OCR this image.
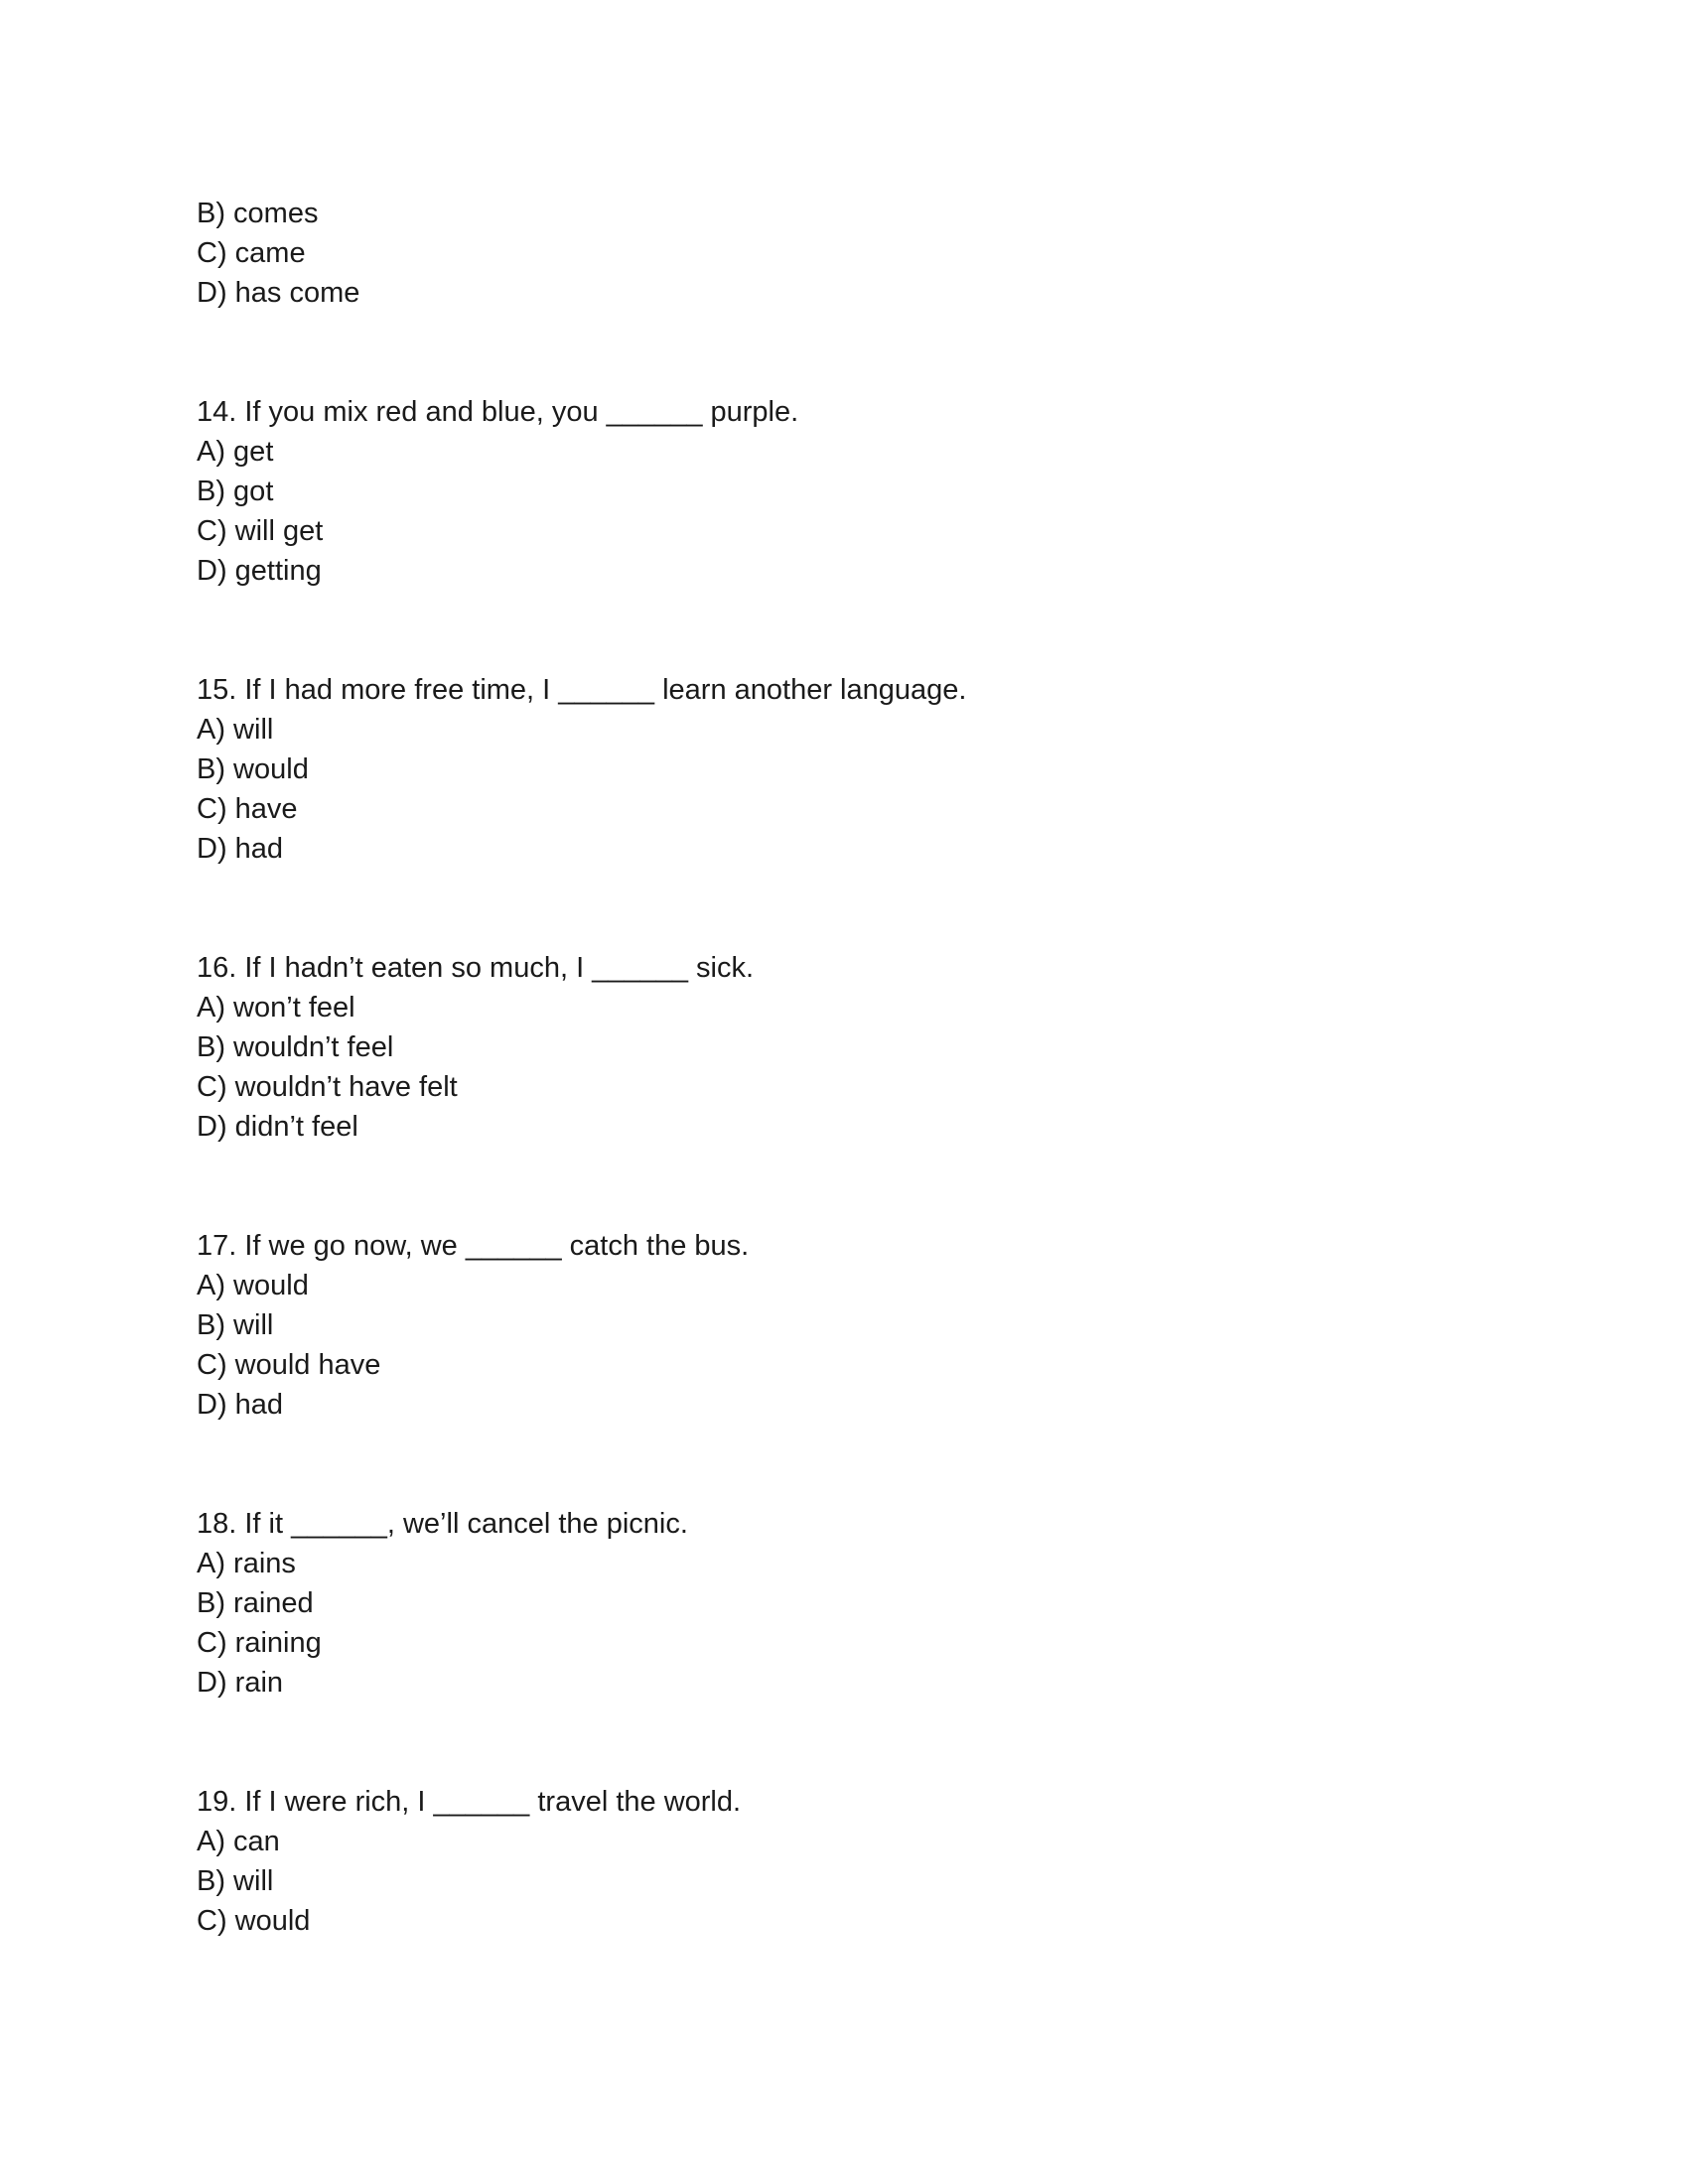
B) comes
C) came
D) has come
14. If you mix red and blue, you ______ purple.
A) get
B) got
C) will get
D) getting
15. If I had more free time, I ______ learn another language.
A) will
B) would
C) have
D) had
16. If I hadn’t eaten so much, I ______ sick.
A) won’t feel
B) wouldn’t feel
C) wouldn’t have felt
D) didn’t feel
17. If we go now, we ______ catch the bus.
A) would
B) will
C) would have
D) had
18. If it ______, we’ll cancel the picnic.
A) rains
B) rained
C) raining
D) rain
19. If I were rich, I ______ travel the world.
A) can
B) will
C) would
